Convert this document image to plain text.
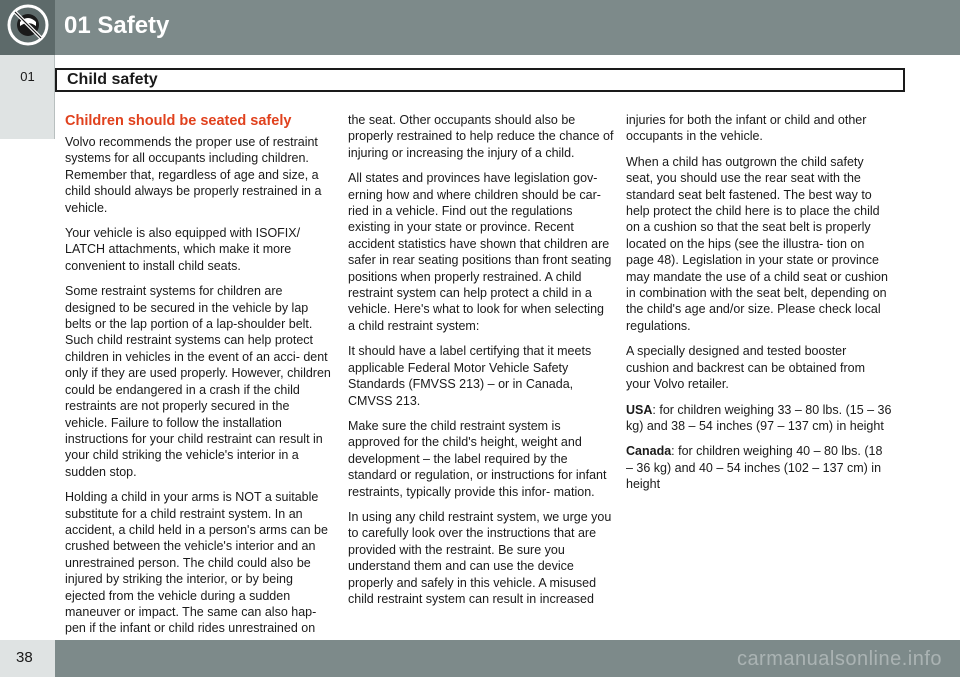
01 Safety
01	Child safety
Children should be seated safely

Volvo recommends the proper use of restraint systems for all occupants including children. Remember that, regardless of age and size, a child should always be properly restrained in a vehicle.

Your vehicle is also equipped with ISOFIX/ LATCH attachments, which make it more convenient to install child seats.

Some restraint systems for children are designed to be secured in the vehicle by lap belts or the lap portion of a lap-shoulder belt. Such child restraint systems can help protect children in vehicles in the event of an acci- dent only if they are used properly. However, children could be endangered in a crash if the child restraints are not properly secured in the vehicle. Failure to follow the installation instructions for your child restraint can result in your child striking the vehicle's interior in a sudden stop.

Holding a child in your arms is NOT a suitable substitute for a child restraint system. In an accident, a child held in a person's arms can be crushed between the vehicle's interior and an unrestrained person. The child could also be injured by striking the interior, or by being ejected from the vehicle during a sudden maneuver or impact. The same can also hap- pen if the infant or child rides unrestrained on

the seat. Other occupants should also be properly restrained to help reduce the chance of injuring or increasing the injury of a child.

All states and provinces have legislation gov- erning how and where children should be car- ried in a vehicle. Find out the regulations existing in your state or province. Recent accident statistics have shown that children are safer in rear seating positions than front seating positions when properly restrained. A child restraint system can help protect a child in a vehicle. Here's what to look for when selecting a child restraint system:

It should have a label certifying that it meets applicable Federal Motor Vehicle Safety Standards (FMVSS 213) – or in Canada, CMVSS 213.

Make sure the child restraint system is approved for the child's height, weight and development – the label required by the standard or regulation, or instructions for infant restraints, typically provide this infor- mation.

In using any child restraint system, we urge you to carefully look over the instructions that are provided with the restraint. Be sure you understand them and can use the device properly and safely in this vehicle. A misused child restraint system can result in increased

injuries for both the infant or child and other occupants in the vehicle.

When a child has outgrown the child safety seat, you should use the rear seat with the standard seat belt fastened. The best way to help protect the child here is to place the child on a cushion so that the seat belt is properly located on the hips (see the illustra- tion on page 48). Legislation in your state or province may mandate the use of a child seat or cushion in combination with the seat belt, depending on the child's age and/or size. Please check local regulations.

A specially designed and tested booster cushion and backrest can be obtained from your Volvo retailer.

USA: for children weighing 33 – 80 lbs. (15 – 36 kg) and 38 – 54 inches (97 – 137 cm) in height

Canada: for children weighing 40 – 80 lbs. (18 – 36 kg) and 40 – 54 inches (102 – 137 cm) in height

38	carmanualsonline.info
